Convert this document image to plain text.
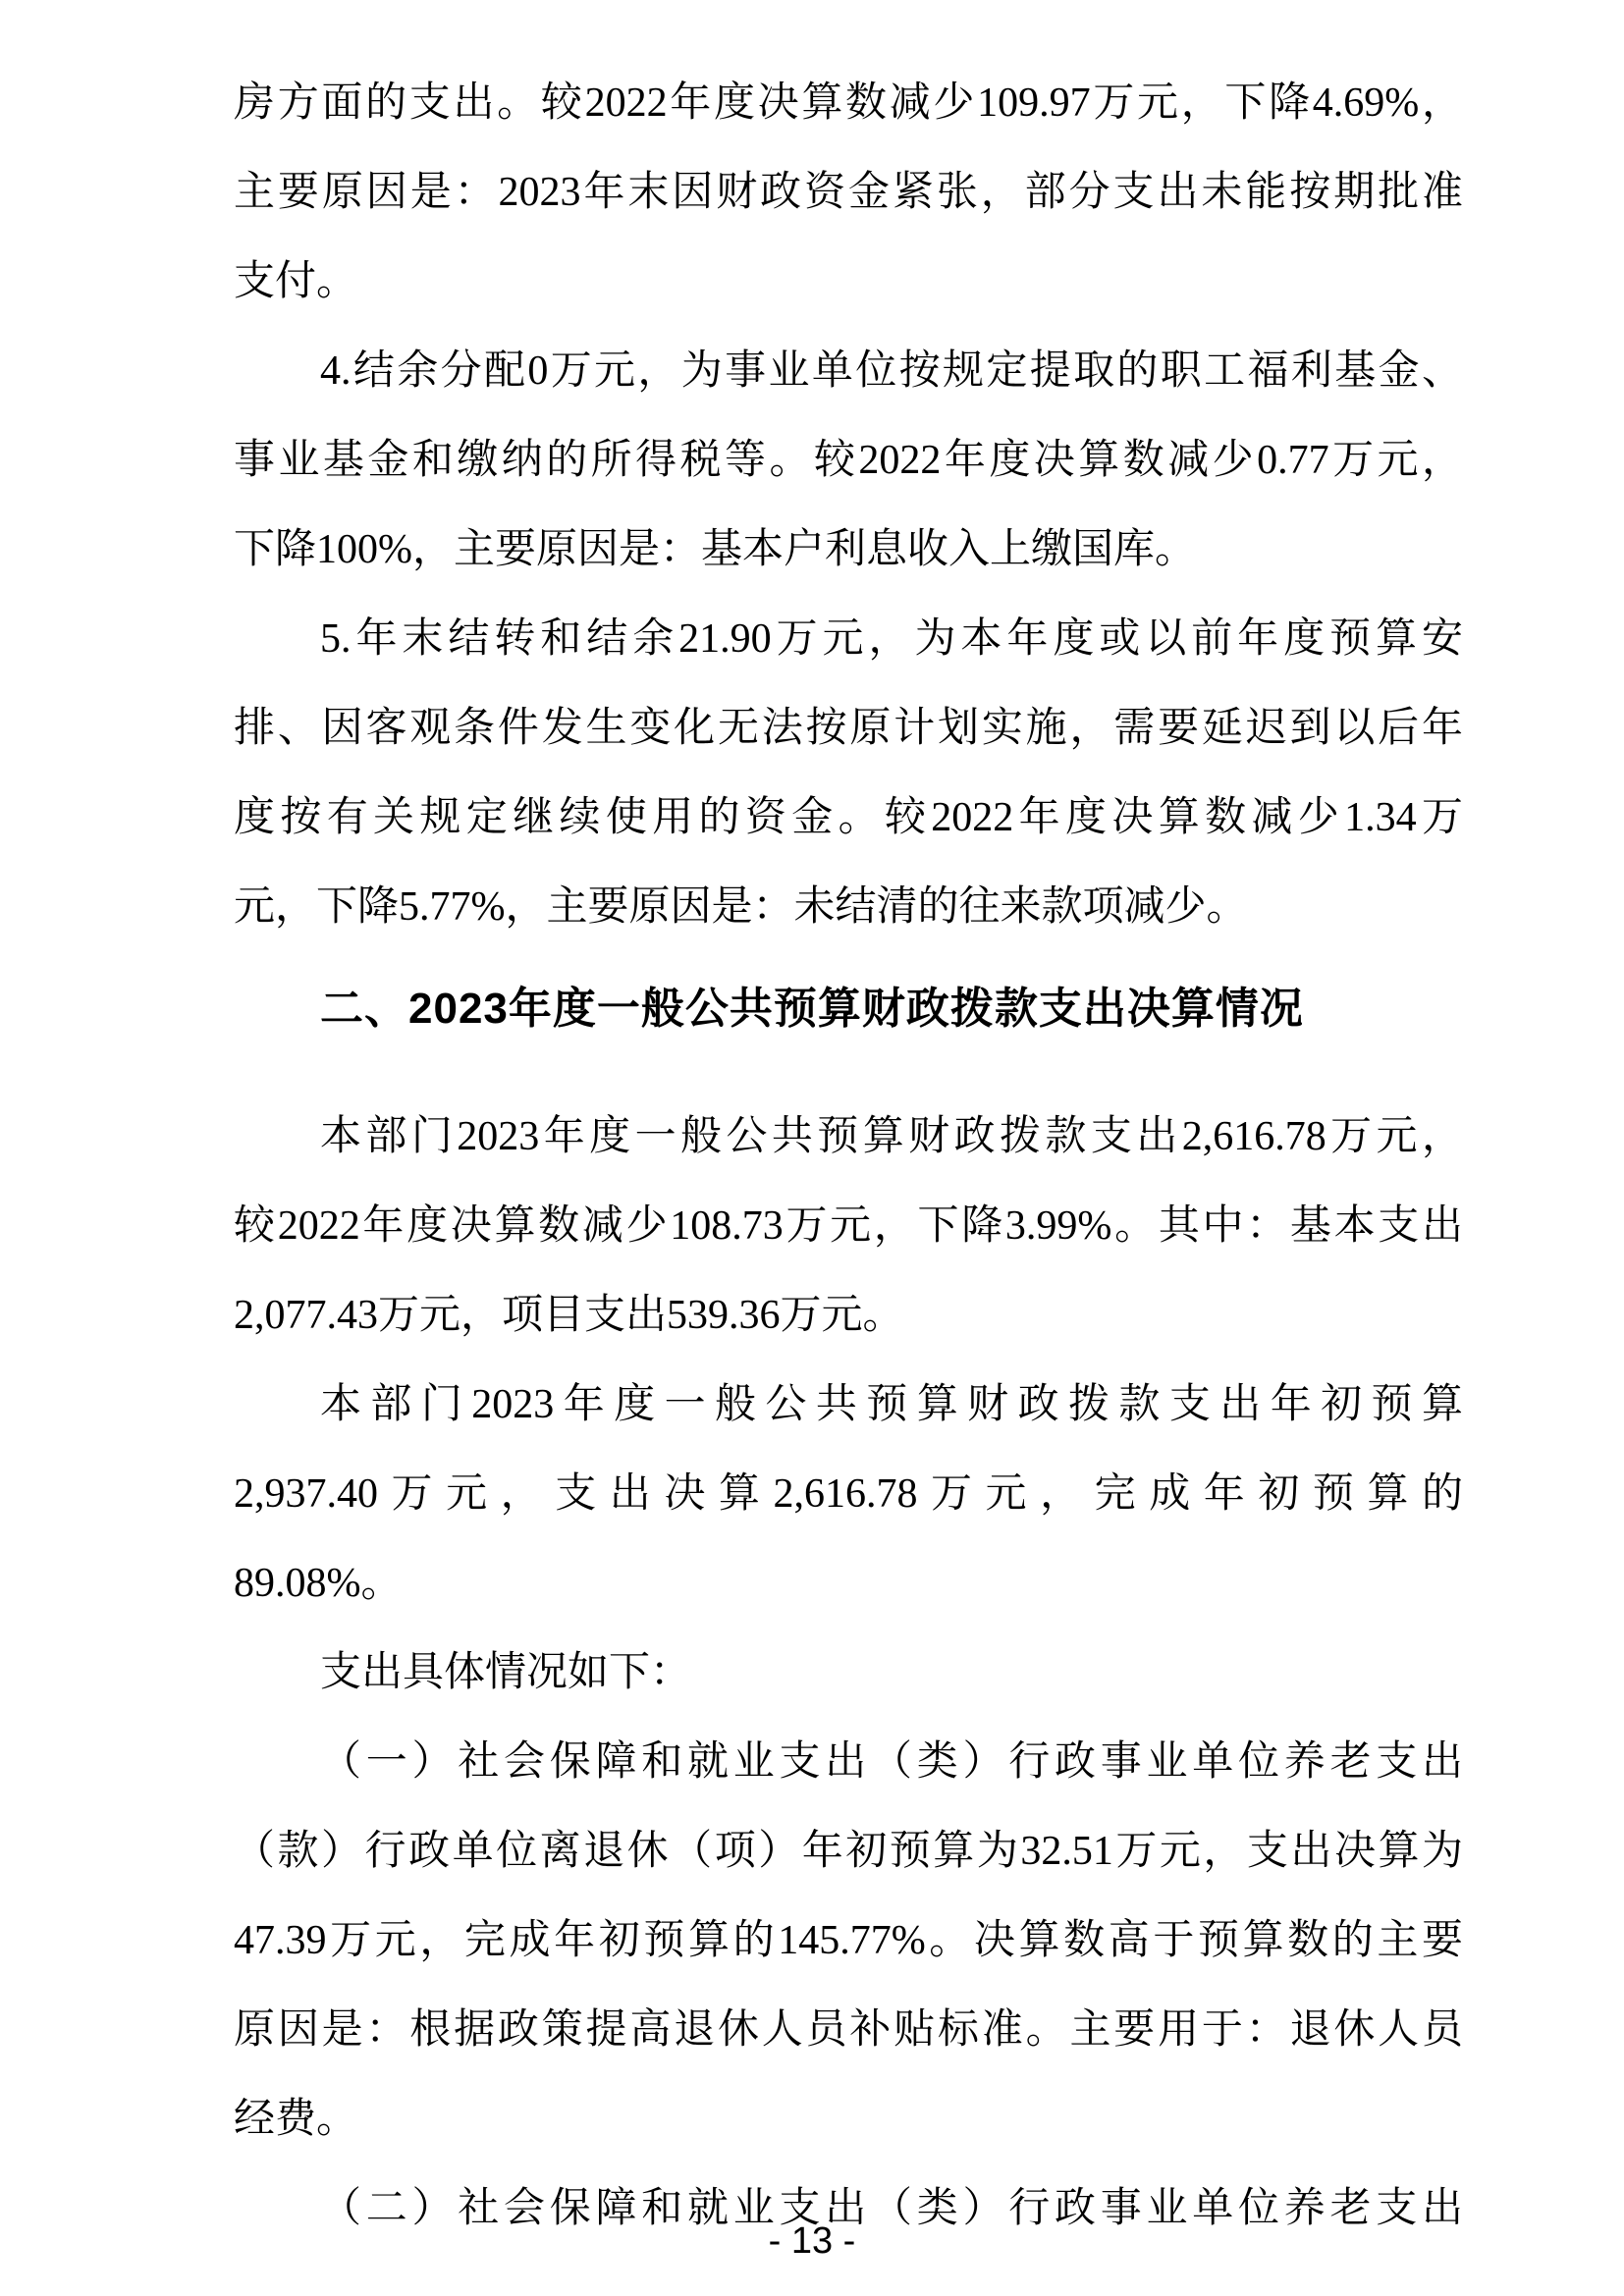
房方面的支出。较2022年度决算数减少109.97万元，下降4.69%，
主要原因是：2023年末因财政资金紧张，部分支出未能按期批准
支付。
4.结余分配0万元，为事业单位按规定提取的职工福利基金、
事业基金和缴纳的所得税等。较2022年度决算数减少0.77万元，
下降100%，主要原因是：基本户利息收入上缴国库。
5.年末结转和结余21.90万元，为本年度或以前年度预算安
排、因客观条件发生变化无法按原计划实施，需要延迟到以后年
度按有关规定继续使用的资金。较2022年度决算数减少1.34万
元，下降5.77%，主要原因是：未结清的往来款项减少。
二、2023年度一般公共预算财政拨款支出决算情况
本部门2023年度一般公共预算财政拨款支出2,616.78万元，
较2022年度决算数减少108.73万元，下降3.99%。其中：基本支出
2,077.43万元，项目支出539.36万元。
本部门2023年度一般公共预算财政拨款支出年初预算
2,937.40万元，支出决算2,616.78万元，完成年初预算的
89.08%。
支出具体情况如下：
（一）社会保障和就业支出（类）行政事业单位养老支出
（款）行政单位离退休（项）年初预算为32.51万元，支出决算为
47.39万元，完成年初预算的145.77%。决算数高于预算数的主要
原因是：根据政策提高退休人员补贴标准。主要用于：退休人员
经费。
（二）社会保障和就业支出（类）行政事业单位养老支出
- 13 -
